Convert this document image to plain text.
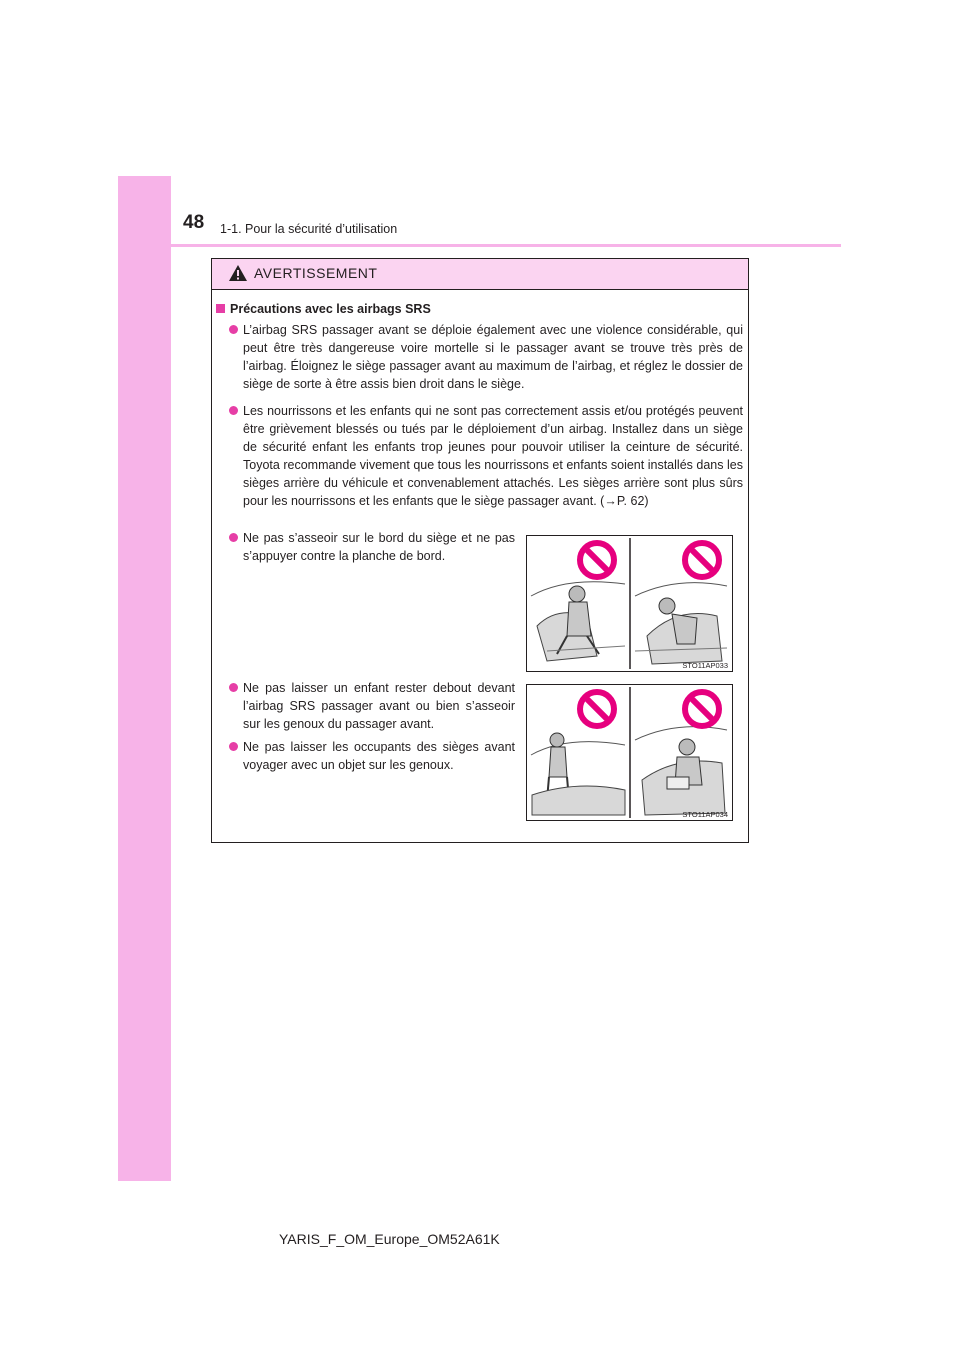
48 1-1. Pour la sécurité d’utilisation
AVERTISSEMENT
Précautions avec les airbags SRS
L’airbag SRS passager avant se déploie également avec une violence considérable, qui peut être très dangereuse voire mortelle si le passager avant se trouve très près de l’airbag. Éloignez le siège passager avant au maximum de l’airbag, et réglez le dossier de siège de sorte à être assis bien droit dans le siège.
Les nourrissons et les enfants qui ne sont pas correctement assis et/ou protégés peuvent être grièvement blessés ou tués par le déploiement d’un airbag. Installez dans un siège de sécurité enfant les enfants trop jeunes pour pouvoir utiliser la ceinture de sécurité. Toyota recommande vivement que tous les nourrissons et enfants soient installés dans les sièges arrière du véhicule et convenablement attachés. Les sièges arrière sont plus sûrs pour les nourrissons et les enfants que le siège passager avant. (→P. 62)
Ne pas s’asseoir sur le bord du siège et ne pas s’appuyer contre la planche de bord.
Ne pas laisser un enfant rester debout devant l’airbag SRS passager avant ou bien s’asseoir sur les genoux du passager avant.
Ne pas laisser les occupants des sièges avant voyager avec un objet sur les genoux.
STO11AP033
STO11AP034
YARIS_F_OM_Europe_OM52A61K
